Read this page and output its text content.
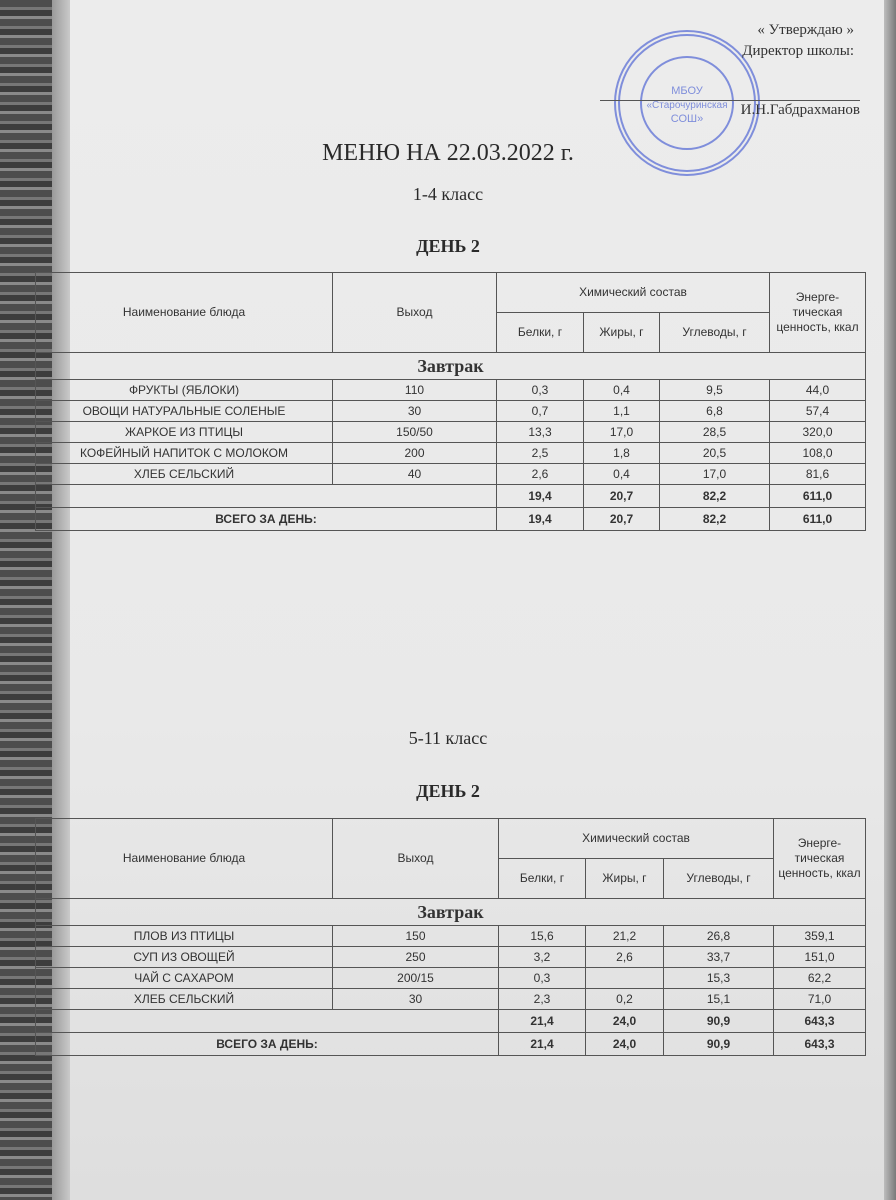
МБОУ
«Старочуринская
СОШ»
« Утверждаю »
Директор школы:
И.Н.Габдрахманов
МЕНЮ НА 22.03.2022 г.
1-4 класс
ДЕНЬ 2
Наименование блюда	Выход	Химический состав			Энерге-тическая ценность, ккал
		Белки, г	Жиры, г	Углеводы, г	
Завтрак					
ФРУКТЫ (ЯБЛОКИ)	110	0,3	0,4	9,5	44,0
ОВОЩИ НАТУРАЛЬНЫЕ СОЛЕНЫЕ	30	0,7	1,1	6,8	57,4
ЖАРКОЕ ИЗ ПТИЦЫ	150/50	13,3	17,0	28,5	320,0
КОФЕЙНЫЙ НАПИТОК С МОЛОКОМ	200	2,5	1,8	20,5	108,0
ХЛЕБ СЕЛЬСКИЙ	40	2,6	0,4	17,0	81,6
		19,4	20,7	82,2	611,0
ВСЕГО ЗА ДЕНЬ:		19,4	20,7	82,2	611,0
5-11 класс
ДЕНЬ 2
Наименование блюда	Выход	Химический состав			Энерге-тическая ценность, ккал
		Белки, г	Жиры, г	Углеводы, г	
Завтрак					
ПЛОВ ИЗ ПТИЦЫ	150	15,6	21,2	26,8	359,1
СУП ИЗ ОВОЩЕЙ	250	3,2	2,6	33,7	151,0
ЧАЙ С САХАРОМ	200/15	0,3		15,3	62,2
ХЛЕБ СЕЛЬСКИЙ	30	2,3	0,2	15,1	71,0
		21,4	24,0	90,9	643,3
ВСЕГО ЗА ДЕНЬ:		21,4	24,0	90,9	643,3
